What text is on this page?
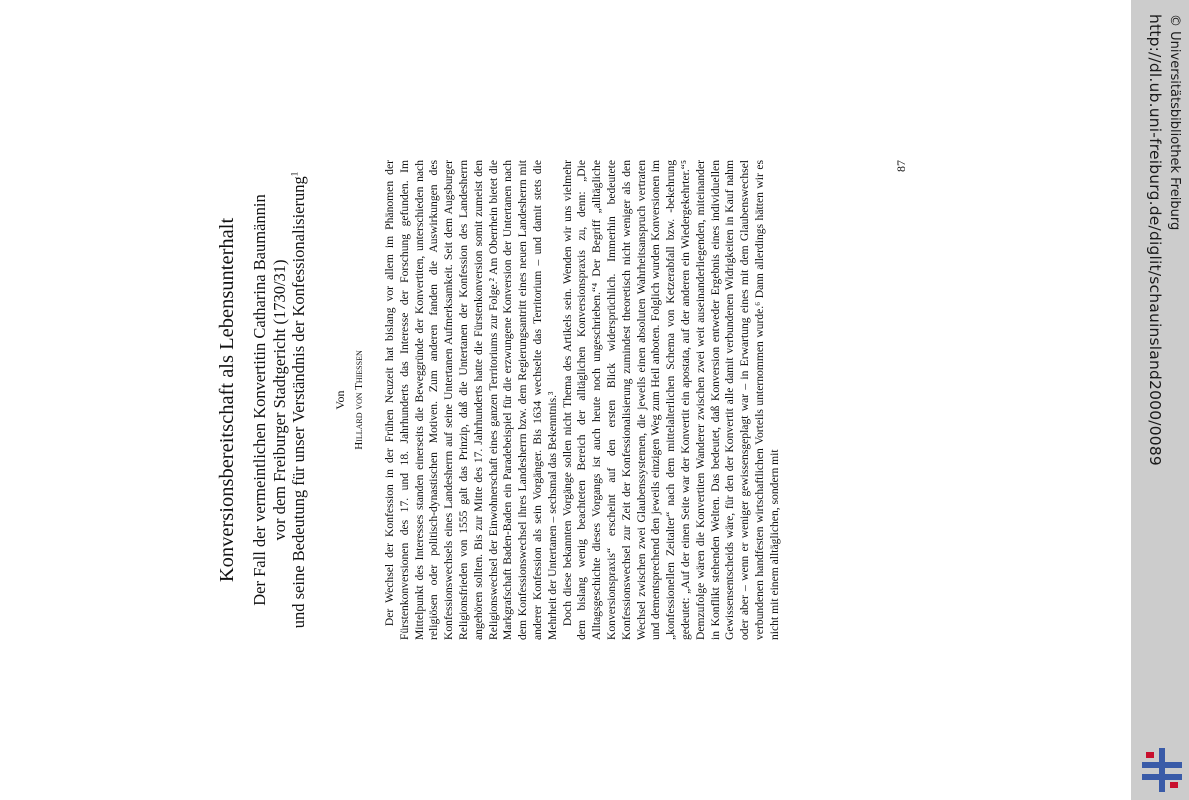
http://dl.ub.uni-freiburg.de/diglit/schauinsland2000/0089 © Universitätsbibliothek Freiburg
Konversionsbereitschaft als Lebensunterhalt Der Fall der vermeintlichen Konvertitin Catharina Baumännin vor dem Freiburger Stadtgericht (1730/31) und seine Bedeutung für unser Verständnis der Konfessionalisierung$^1$
Von Hillard von Thiessen Der Wechsel der Konfession in der Frühen Neuzeit hat bislang vor allem im Phänomen der Fürstenkonversionen des 17. und 18. Jahrhunderts das Interesse der Forschung gefunden. Im Mittelpunkt des Interesses standen einerseits die Beweggründe der Konvertiten, unterschieden nach religiösen oder politisch-dynastischen Motiven. Zum anderen fanden die Auswirkungen des Konfessionswechsels eines Landesherrn auf seine Untertanen Aufmerksamkeit. Seit dem Augsburger Religionsfrieden von 1555 galt das Prinzip, daß die Untertanen der Konfession des Landesherrn angehören sollten. Bis zur Mitte des 17. Jahrhunderts hatte die Fürstenkonversion somit zumeist den Religionswechsel der Einwohnerschaft eines ganzen Territoriums zur Folge.² Am Oberrhein bietet die Markgrafschaft Baden-Baden ein Paradebeispiel für die erzwungene Konversion der Untertanen nach dem Konfessionswechsel ihres Landesherrn bzw. dem Regierungsantritt eines neuen Landesherrn mit anderer Konfession als sein Vorgänger. Bis 1634 wechselte das Territorium – und damit stets die Mehrheit der Untertanen – sechsmal das Bekenntnis.³ Doch diese bekannten Vorgänge sollen nicht Thema des Artikels sein. Wenden wir uns vielmehr dem bislang wenig beachteten Bereich der alltäglichen Konversionspraxis zu, denn: „Die Alltagsgeschichte dieses Vorgangs ist auch heute noch ungeschrieben.“⁴ Der Begriff „alltägliche Konversionspraxis“ erscheint auf den ersten Blick widersprüchlich. Immerhin bedeutete Konfessionswechsel zur Zeit der Konfessionalisierung zumindest theoretisch nicht weniger als den Wechsel zwischen zwei Glaubenssystemen, die jeweils einen absoluten Wahrheitsanspruch vertraten und dementsprechend den jeweils einzigen Weg zum Heil anboten. Folglich wurden Konversionen im „konfessionellen Zeitalter“ nach dem mittelalterlichen Schema von Ketzerabfall bzw. -bekehrung gedeutet: „Auf der einen Seite war der Konvertit ein apostata, auf der anderen ein Wiedergekehrter.“⁵ Demzufolge wären die Konvertiten Wanderer zwischen zwei weit auseinanderliegenden, miteinander in Konflikt stehenden Welten. Das bedeutet, daß Konversion entweder Ergebnis eines individuellen Gewissensentscheids wäre, für den der Konvertit alle damit verbundenen Widrigkeiten in Kauf nahm oder aber – wenn er weniger gewissensgeplagt war – in Erwartung eines mit dem Glaubenswechsel verbundenen handfesten wirtschaftlichen Vorteils unternommen wurde.⁶ Dann allerdings hätten wir es nicht mit einem alltäglichen, sondern mit

87
